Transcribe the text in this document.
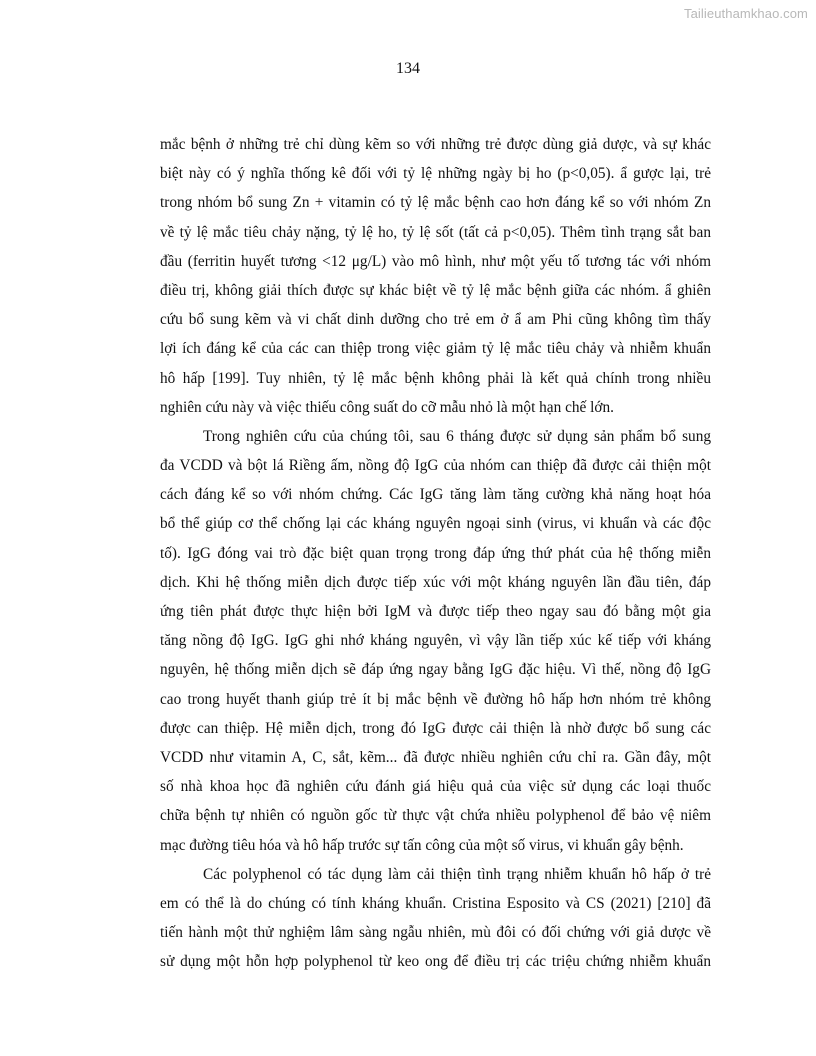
Tailieuthamkhao.com
134
mắc bệnh ở những trẻ chỉ dùng kẽm so với những trẻ được dùng giả dược, và sự khác
biệt này có ý nghĩa thống kê đối với tỷ lệ những ngày bị ho (p<0,05). ẩ gược lại, trẻ
trong nhóm bổ sung Zn + vitamin có tỷ lệ mắc bệnh cao hơn đáng kể so với nhóm Zn
về tỷ lệ mắc tiêu chảy nặng, tỷ lệ ho, tỷ lệ sốt (tất cả p<0,05). Thêm tình trạng sắt ban
đầu (ferritin huyết tương <12 μg/L) vào mô hình, như một yếu tố tương tác với nhóm
điều trị, không giải thích được sự khác biệt về tỷ lệ mắc bệnh giữa các nhóm. ẩ ghiên
cứu bổ sung kẽm và vi chất dinh dưỡng cho trẻ em ở ẩ am Phi cũng không tìm thấy
lợi ích đáng kể của các can thiệp trong việc giảm tỷ lệ mắc tiêu chảy và nhiễm khuẩn
hô hấp [199]. Tuy nhiên, tỷ lệ mắc bệnh không phải là kết quả chính trong nhiều
nghiên cứu này và việc thiếu công suất do cỡ mẫu nhỏ là một hạn chế lớn.
Trong nghiên cứu của chúng tôi, sau 6 tháng được sử dụng sản phẩm bổ sung
đa VCDD và bột lá Riềng ấm, nồng độ IgG của nhóm can thiệp đã được cải thiện một
cách đáng kể so với nhóm chứng. Các IgG tăng làm tăng cường khả năng hoạt hóa
bổ thể giúp cơ thể chống lại các kháng nguyên ngoại sinh (virus, vi khuẩn và các độc
tố). IgG đóng vai trò đặc biệt quan trọng trong đáp ứng thứ phát của hệ thống miễn
dịch. Khi hệ thống miễn dịch được tiếp xúc với một kháng nguyên lần đầu tiên, đáp
ứng tiên phát được thực hiện bởi IgM và được tiếp theo ngay sau đó bằng một gia
tăng nồng độ IgG. IgG ghi nhớ kháng nguyên, vì vậy lần tiếp xúc kế tiếp với kháng
nguyên, hệ thống miễn dịch sẽ đáp ứng ngay bằng IgG đặc hiệu. Vì thế, nồng độ IgG
cao trong huyết thanh giúp trẻ ít bị mắc bệnh về đường hô hấp hơn nhóm trẻ không
được can thiệp. Hệ miễn dịch, trong đó IgG được cải thiện là nhờ được bổ sung các
VCDD như vitamin A, C, sắt, kẽm... đã được nhiều nghiên cứu chỉ ra. Gần đây, một
số nhà khoa học đã nghiên cứu đánh giá hiệu quả của việc sử dụng các loại thuốc
chữa bệnh tự nhiên có nguồn gốc từ thực vật chứa nhiều polyphenol để bảo vệ niêm
mạc đường tiêu hóa và hô hấp trước sự tấn công của một số virus, vi khuẩn gây bệnh.
Các polyphenol có tác dụng làm cải thiện tình trạng nhiễm khuẩn hô hấp ở trẻ
em có thể là do chúng có tính kháng khuẩn. Cristina Esposito và CS (2021) [210] đã
tiến hành một thử nghiệm lâm sàng ngẫu nhiên, mù đôi có đối chứng với giả dược về
sử dụng một hỗn hợp polyphenol từ keo ong để điều trị các triệu chứng nhiễm khuẩn
